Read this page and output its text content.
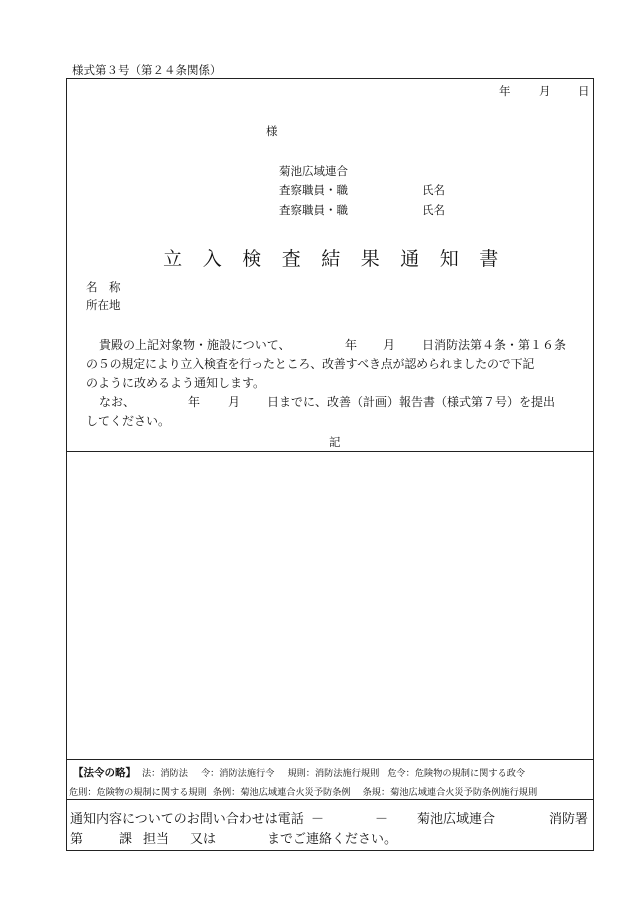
様式第３号（第２４条関係）
年 月 日
様
菊池広域連合
査察職員・職	氏名
査察職員・職	氏名
立 入 検 査 結 果 通 知 書
名　称
所在地
貴殿の上記対象物・施設について、	年 月 日消防法第４条・第１６条
の５の規定により立入検査を行ったところ、改善すべき点が認められましたので下記
のように改めるよう通知します。
なお、	年 月 日までに、改善（計画）報告書（様式第７号）を提出
してください。
記
【法令の略】 法：消防法 令：消防法施行令 規則：消防法施行規則 危令：危険物の規制に関する政令
危則：危険物の規制に関する規則 条例：菊池広域連合火災予防条例 条規：菊池広域連合火災予防条例施行規則
通知内容についてのお問い合わせは電話 －	－ 菊池広域連合	消防署
第	課 担当 又は	までご連絡ください。
